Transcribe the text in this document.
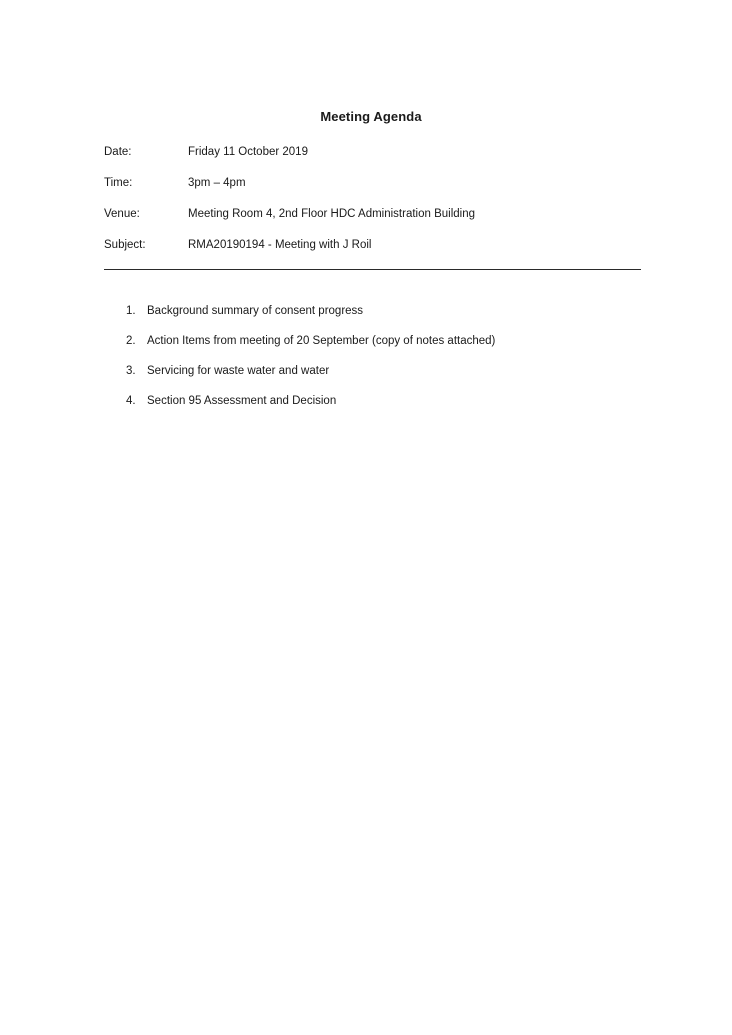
Meeting Agenda
Date:	Friday 11 October 2019
Time:	3pm – 4pm
Venue:	Meeting Room 4, 2nd Floor HDC Administration Building
Subject:	RMA20190194 - Meeting with J Roil
1. Background summary of consent progress
2. Action Items from meeting of 20 September (copy of notes attached)
3. Servicing for waste water and water
4. Section 95 Assessment and Decision
